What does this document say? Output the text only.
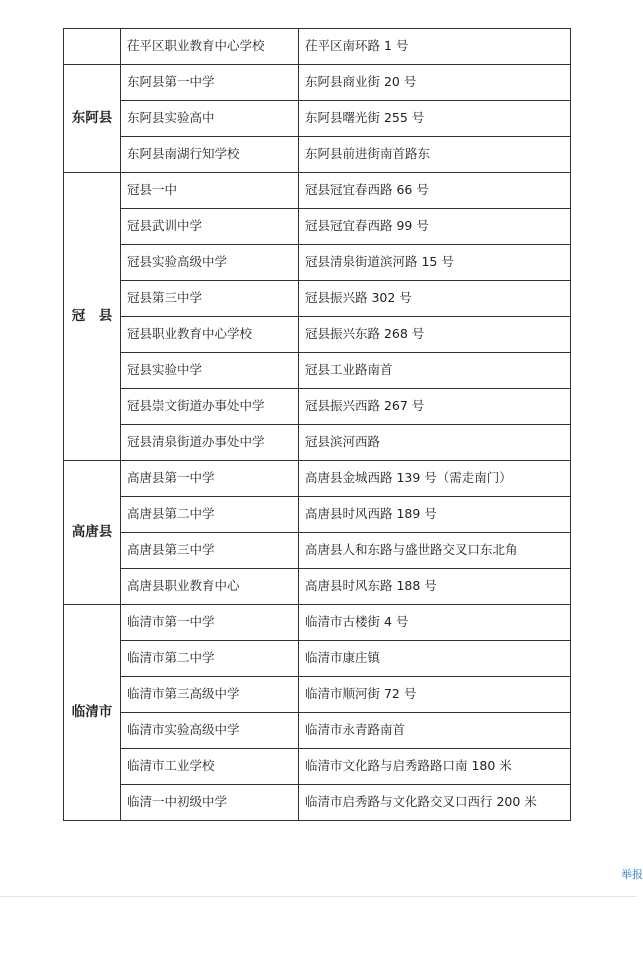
	茌平区职业教育中心学校	茌平区南环路 1 号
东阿县	东阿县第一中学	东阿县商业街 20 号
	东阿县实验高中	东阿县曙光街 255 号
	东阿县南湖行知学校	东阿县前进街南首路东
冠　县	冠县一中	冠县冠宜春西路 66 号
	冠县武训中学	冠县冠宜春西路 99 号
	冠县实验高级中学	冠县清泉街道滨河路 15 号
	冠县第三中学	冠县振兴路 302 号
	冠县职业教育中心学校	冠县振兴东路 268 号
	冠县实验中学	冠县工业路南首
	冠县崇文街道办事处中学	冠县振兴西路 267 号
	冠县清泉街道办事处中学	冠县滨河西路
高唐县	高唐县第一中学	高唐县金城西路 139 号（需走南门）
	高唐县第二中学	高唐县时风西路 189 号
	高唐县第三中学	高唐县人和东路与盛世路交叉口东北角
	高唐县职业教育中心	高唐县时风东路 188 号
临清市	临清市第一中学	临清市古楼街 4 号
	临清市第二中学	临清市康庄镇
	临清市第三高级中学	临清市顺河街 72 号
	临清市实验高级中学	临清市永青路南首
	临清市工业学校	临清市文化路与启秀路路口南 180 米
	临清一中初级中学	临清市启秀路与文化路交叉口西行 200 米
举报
